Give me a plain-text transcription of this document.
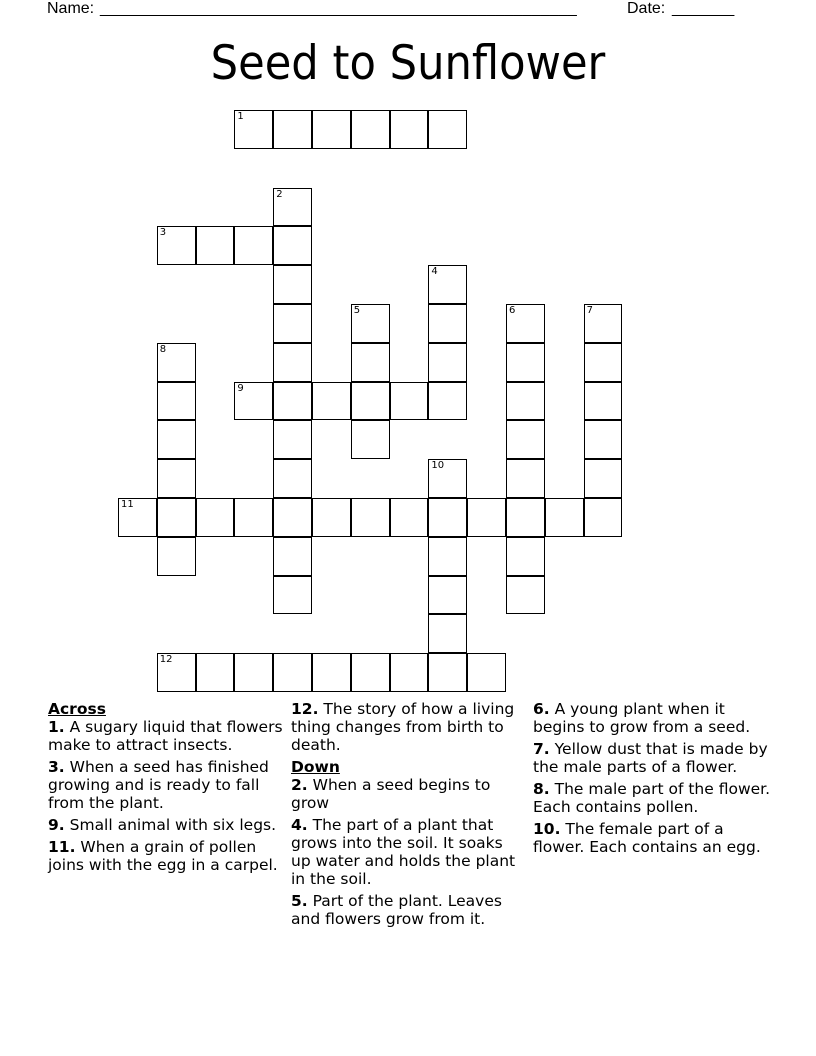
Name: _____________________________________________________	Date: _______
Seed to Sunflower
1
2
3
4
5	6	7
8
9
10
11
12
Across
1. A sugary liquid that flowers make to attract insects.
3. When a seed has finished growing and is ready to fall from the plant.
9. Small animal with six legs.
11. When a grain of pollen joins with the egg in a carpel.
12. The story of how a living thing changes from birth to death.
Down
2. When a seed begins to grow
4. The part of a plant that grows into the soil. It soaks up water and holds the plant in the soil.
5. Part of the plant. Leaves and flowers grow from it.
6. A young plant when it begins to grow from a seed.
7. Yellow dust that is made by the male parts of a flower.
8. The male part of the flower. Each contains pollen.
10. The female part of a flower. Each contains an egg.
